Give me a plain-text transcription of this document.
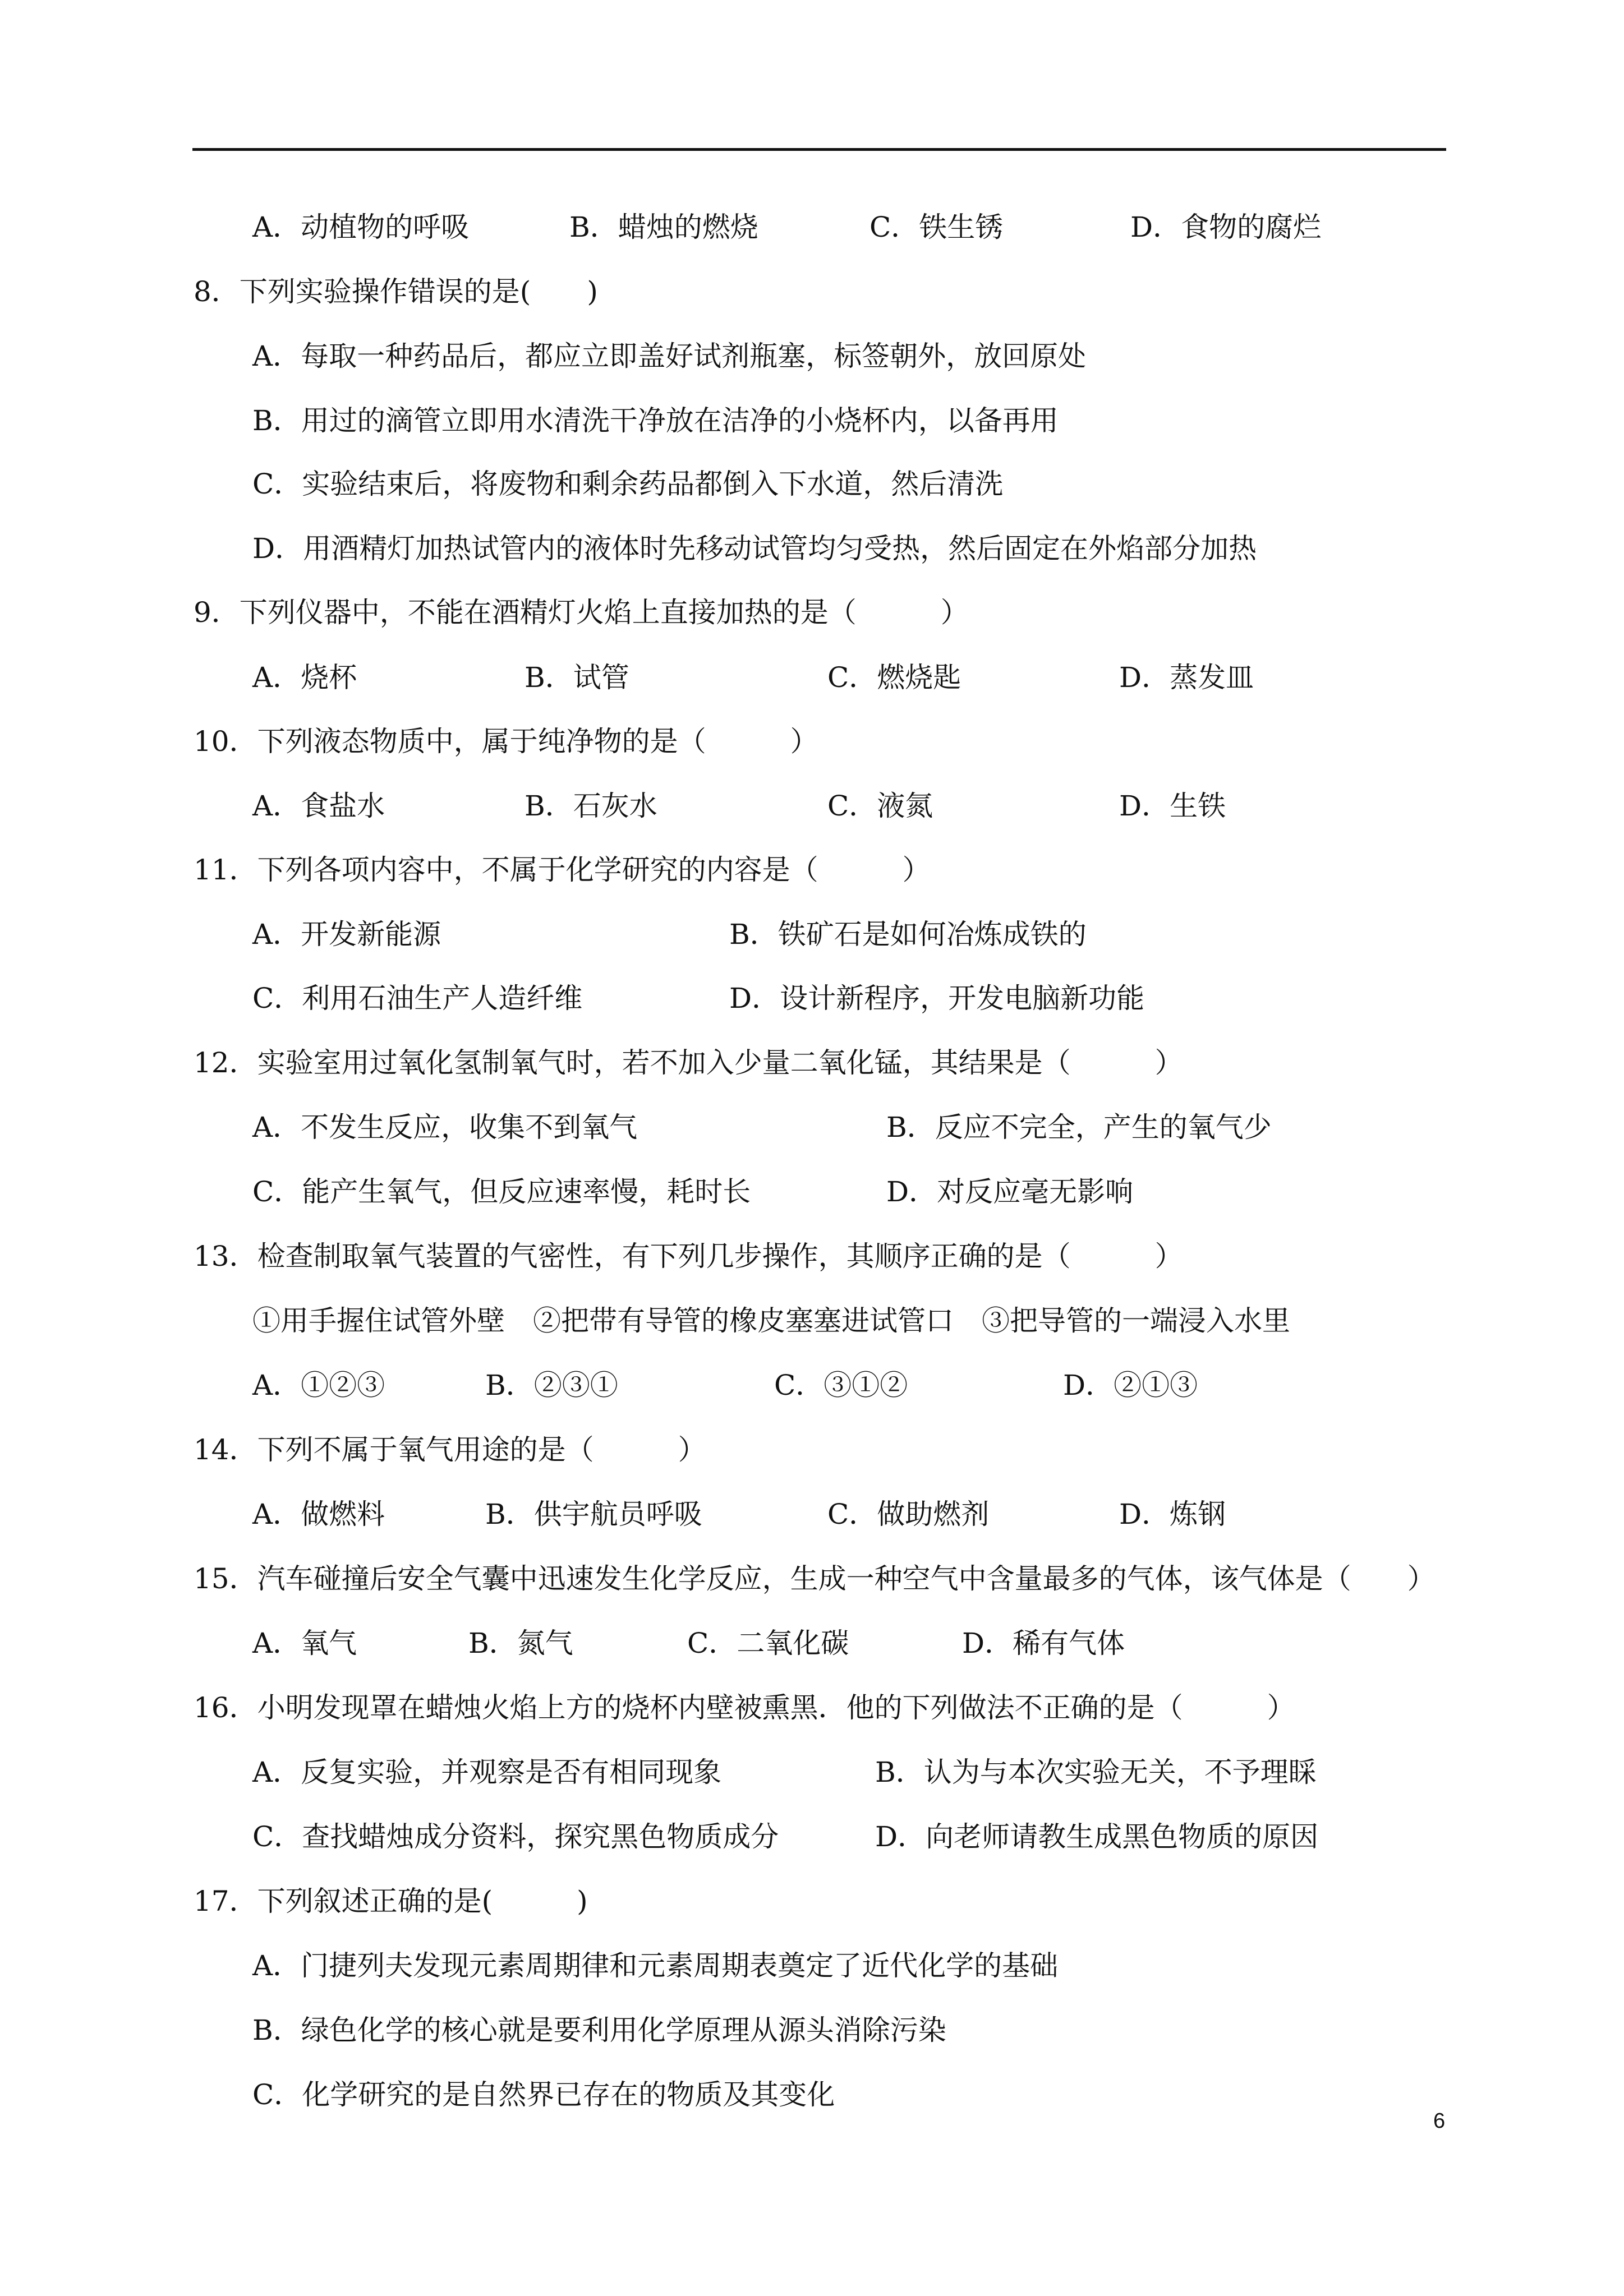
A．动植物的呼吸	B．蜡烛的燃烧	C．铁生锈	D．食物的腐烂
8．下列实验操作错误的是(　　)
A．每取一种药品后，都应立即盖好试剂瓶塞，标签朝外，放回原处
B．用过的滴管立即用水清洗干净放在洁净的小烧杯内，以备再用
C．实验结束后，将废物和剩余药品都倒入下水道，然后清洗
D．用酒精灯加热试管内的液体时先移动试管均匀受热，然后固定在外焰部分加热
9．下列仪器中，不能在酒精灯火焰上直接加热的是（　　　）
A．烧杯	B．试管	C．燃烧匙	D．蒸发皿
10．下列液态物质中，属于纯净物的是（　　　）
A．食盐水	B．石灰水	C．液氮	D．生铁
11．下列各项内容中，不属于化学研究的内容是（　　　）
A．开发新能源	B．铁矿石是如何冶炼成铁的
C．利用石油生产人造纤维	D．设计新程序，开发电脑新功能
12．实验室用过氧化氢制氧气时，若不加入少量二氧化锰，其结果是（　　　）
A．不发生反应，收集不到氧气	B．反应不完全，产生的氧气少
C．能产生氧气，但反应速率慢，耗时长	D．对反应毫无影响
13．检查制取氧气装置的气密性，有下列几步操作，其顺序正确的是（　　　）
①用手握住试管外壁　②把带有导管的橡皮塞塞进试管口　③把导管的一端浸入水里
A．①②③	B．②③①	C．③①②	D．②①③
14．下列不属于氧气用途的是（　　　）
A．做燃料	B．供宇航员呼吸	C．做助燃剂	D．炼钢
15．汽车碰撞后安全气囊中迅速发生化学反应，生成一种空气中含量最多的气体，该气体是（　　）
A．氧气	B．氮气	C．二氧化碳	D．稀有气体
16．小明发现罩在蜡烛火焰上方的烧杯内壁被熏黑．他的下列做法不正确的是（　　　）
A．反复实验，并观察是否有相同现象	B．认为与本次实验无关，不予理睬
C．查找蜡烛成分资料，探究黑色物质成分	D．向老师请教生成黑色物质的原因
17．下列叙述正确的是(　　　)
A．门捷列夫发现元素周期律和元素周期表奠定了近代化学的基础
B．绿色化学的核心就是要利用化学原理从源头消除污染
C．化学研究的是自然界已存在的物质及其变化
6
